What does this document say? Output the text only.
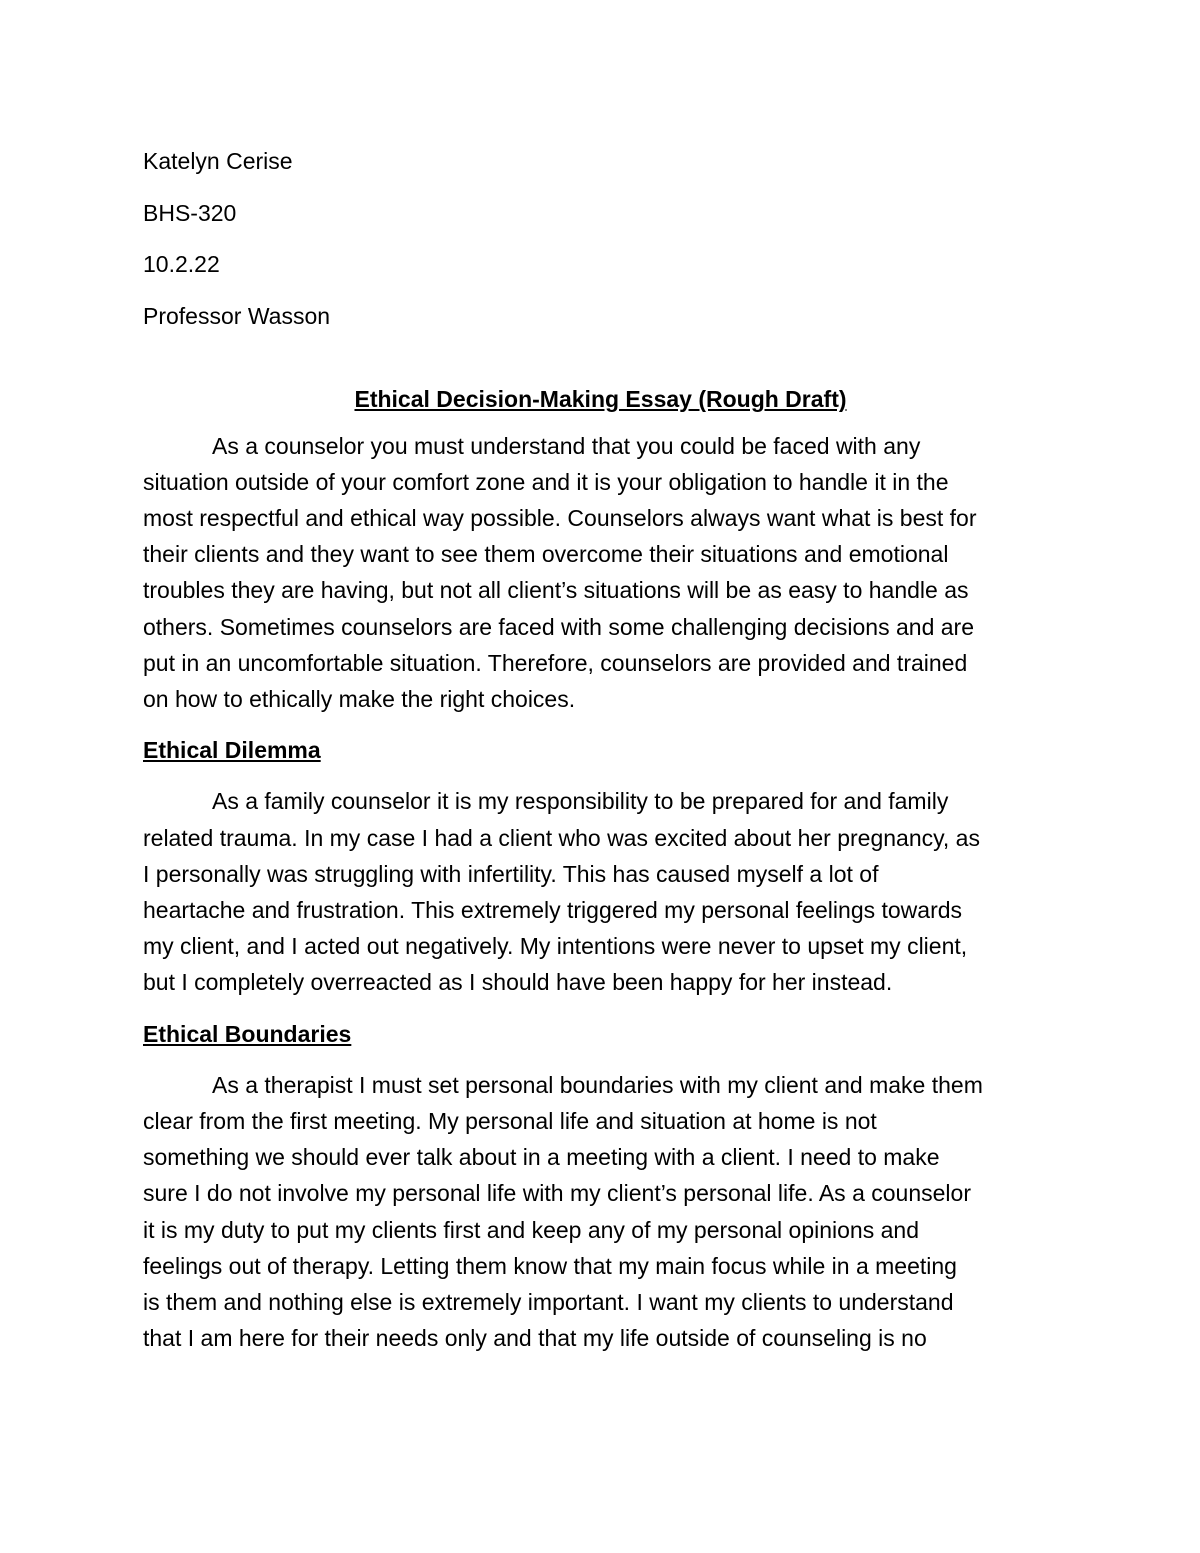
Katelyn Cerise
BHS-320
10.2.22
Professor Wasson
Ethical Decision-Making Essay (Rough Draft)
As a counselor you must understand that you could be faced with any
situation outside of your comfort zone and it is your obligation to handle it in the
most respectful and ethical way possible. Counselors always want what is best for
their clients and they want to see them overcome their situations and emotional
troubles they are having, but not all client’s situations will be as easy to handle as
others. Sometimes counselors are faced with some challenging decisions and are
put in an uncomfortable situation. Therefore, counselors are provided and trained
on how to ethically make the right choices.
Ethical Dilemma
As a family counselor it is my responsibility to be prepared for and family
related trauma. In my case I had a client who was excited about her pregnancy, as
I personally was struggling with infertility. This has caused myself a lot of
heartache and frustration. This extremely triggered my personal feelings towards
my client, and I acted out negatively. My intentions were never to upset my client,
but I completely overreacted as I should have been happy for her instead.
Ethical Boundaries
As a therapist I must set personal boundaries with my client and make them
clear from the first meeting. My personal life and situation at home is not
something we should ever talk about in a meeting with a client. I need to make
sure I do not involve my personal life with my client’s personal life. As a counselor
it is my duty to put my clients first and keep any of my personal opinions and
feelings out of therapy. Letting them know that my main focus while in a meeting
is them and nothing else is extremely important. I want my clients to understand
that I am here for their needs only and that my life outside of counseling is no
